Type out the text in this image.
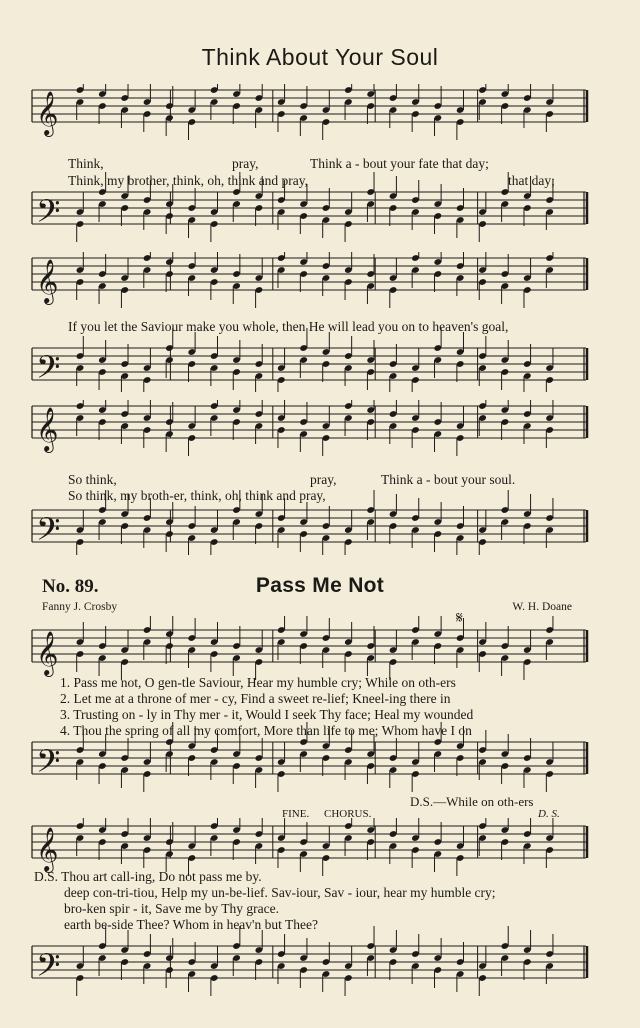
Think About Your Soul
𝄞
𝄢
Think,	pray,	Think a - bout your fate that day;
Think, my brother, think, oh, think and pray,	that day;
𝄞
𝄢
If you let the Saviour make you whole, then He will lead you on to heaven's goal,
𝄞
𝄢
So think,	pray,	Think a - bout your soul.
So think, my broth-er, think, oh, think and pray,
No. 89.	Pass Me Not
Fanny J. Crosby	W. H. Doane
𝄞
𝄢
𝄋
1. Pass me not, O gen-tle Saviour, Hear my humble cry; While on oth-ers
2. Let me at a throne of mer - cy, Find a sweet re-lief; Kneel-ing there in
3. Trusting on - ly in Thy mer - it, Would I seek Thy face; Heal my wounded
4. Thou the spring of all my comfort, More than life to me; Whom have I on
D.S.—While on oth-ers
𝄞
𝄢
FINE. CHORUS.	D. S.
D.S. Thou art call-ing, Do not pass me by.
deep con-tri-tiou, Help my un-be-lief. Sav-iour, Sav - iour, hear my humble cry;
bro-ken spir - it, Save me by Thy grace.
earth be-side Thee? Whom in heav'n but Thee?
